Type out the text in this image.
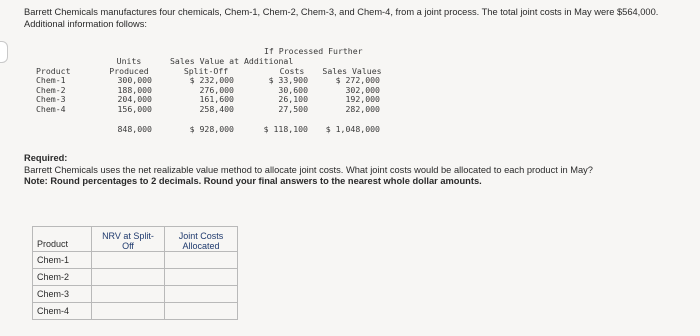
Barrett Chemicals manufactures four chemicals, Chem-1, Chem-2, Chem-3, and Chem-4, from a joint process. The total joint costs in May were $564,000. Additional information follows:
If Processed Further
Units	Sales Value at Additional
Product	Produced	Split-Off	Costs	Sales Values
Chem-1	300,000	$ 232,000	$ 33,900	$ 272,000
Chem-2	188,000	276,000	30,600	302,000
Chem-3	204,000	161,600	26,100	192,000
Chem-4	156,000	258,400	27,500	282,000
848,000	$ 928,000	$ 118,100	$ 1,048,000
Required:
Barrett Chemicals uses the net realizable value method to allocate joint costs. What joint costs would be allocated to each product in May?
Note: Round percentages to 2 decimals. Round your final answers to the nearest whole dollar amounts.
Product	NRV at Split-
Off	Joint Costs
Allocated
Chem-1		
Chem-2		
Chem-3		
Chem-4		
